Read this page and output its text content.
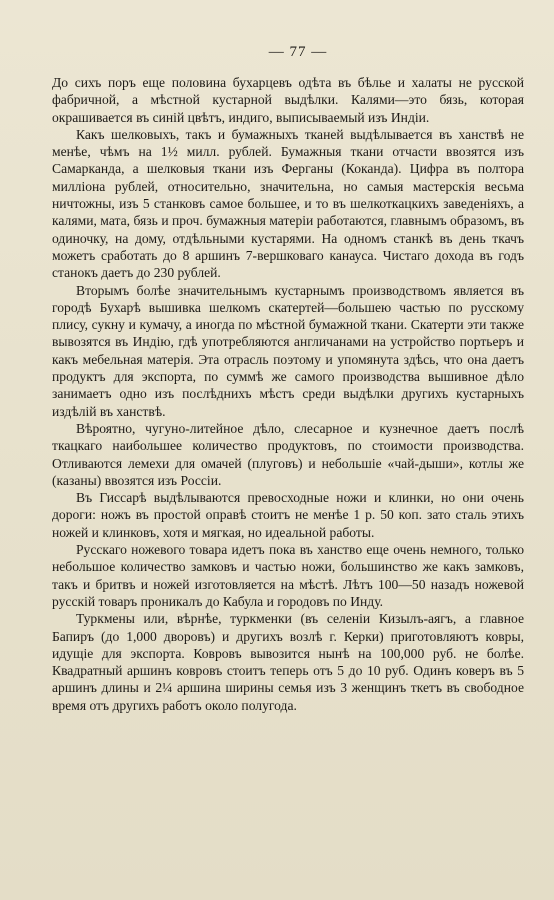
— 77 —

До сихъ поръ еще половина бухарцевъ одѣта въ бѣлье и халаты не русской фабричной, а мѣстной кустарной выдѣлки. Калями—это бязь, которая окрашивается въ синій цвѣтъ, индиго, выписываемый изъ Индіи.

Какъ шелковыхъ, такъ и бумажныхъ тканей выдѣлывается въ ханствѣ не менѣе, чѣмъ на 1½ милл. рублей. Бумажныя ткани отчасти ввозятся изъ Самарканда, а шелковыя ткани изъ Ферганы (Коканда). Цифра въ полтора милліона рублей, относительно, значительна, но самыя мастерскія весьма ничтожны, изъ 5 станковъ самое большее, и то въ шелкоткацкихъ заведеніяхъ, а калями, мата, бязь и проч. бумажныя матеріи работаются, главнымъ образомъ, въ одиночку, на дому, отдѣльными кустарями. На одномъ станкѣ въ день ткачъ можетъ сработать до 8 аршинъ 7-вершковаго канауса. Чистаго дохода въ годъ станокъ даетъ до 230 рублей.

Вторымъ болѣе значительнымъ кустарнымъ производствомъ является въ городѣ Бухарѣ вышивка шелкомъ скатертей—большею частью по русскому плису, сукну и кумачу, а иногда по мѣстной бумажной ткани. Скатерти эти также вывозятся въ Индію, гдѣ употребляются англичанами на устройство портьеръ и какъ мебельная матерія. Эта отрасль поэтому и упомянута здѣсь, что она даетъ продуктъ для экспорта, по суммѣ же самого производства вышивное дѣло занимаетъ одно изъ послѣднихъ мѣстъ среди выдѣлки другихъ кустарныхъ издѣлій въ ханствѣ.

Вѣроятно, чугуно-литейное дѣло, слесарное и кузнечное даетъ послѣ ткацкаго наибольшее количество продуктовъ, по стоимости производства. Отливаются лемехи для омачей (плуговъ) и небольшіе «чай-дыши», котлы же (казаны) ввозятся изъ Россіи.

Въ Гиссарѣ выдѣлываются превосходные ножи и клинки, но они очень дороги: ножъ въ простой оправѣ стоитъ не менѣе 1 р. 50 коп. зато сталь этихъ ножей и клинковъ, хотя и мягкая, но идеальной работы.

Русскаго ножевого товара идетъ пока въ ханство еще очень немного, только небольшое количество замковъ и частью ножи, большинство же какъ замковъ, такъ и бритвъ и ножей изготовляется на мѣстѣ. Лѣтъ 100—50 назадъ ножевой русскій товаръ проникалъ до Кабула и городовъ по Инду.

Туркмены или, вѣрнѣе, туркменки (въ селеніи Кизылъ-аягъ, а главное Бапиръ (до 1,000 дворовъ) и другихъ возлѣ г. Керки) приготовляютъ ковры, идущіе для экспорта. Ковровъ вывозится нынѣ на 100,000 руб. не болѣе. Квадратный аршинъ ковровъ стоитъ теперь отъ 5 до 10 руб. Одинъ коверъ въ 5 аршинъ длины и 2¼ аршина ширины семья изъ 3 женщинъ ткетъ въ свободное время отъ другихъ работъ около полугода.
